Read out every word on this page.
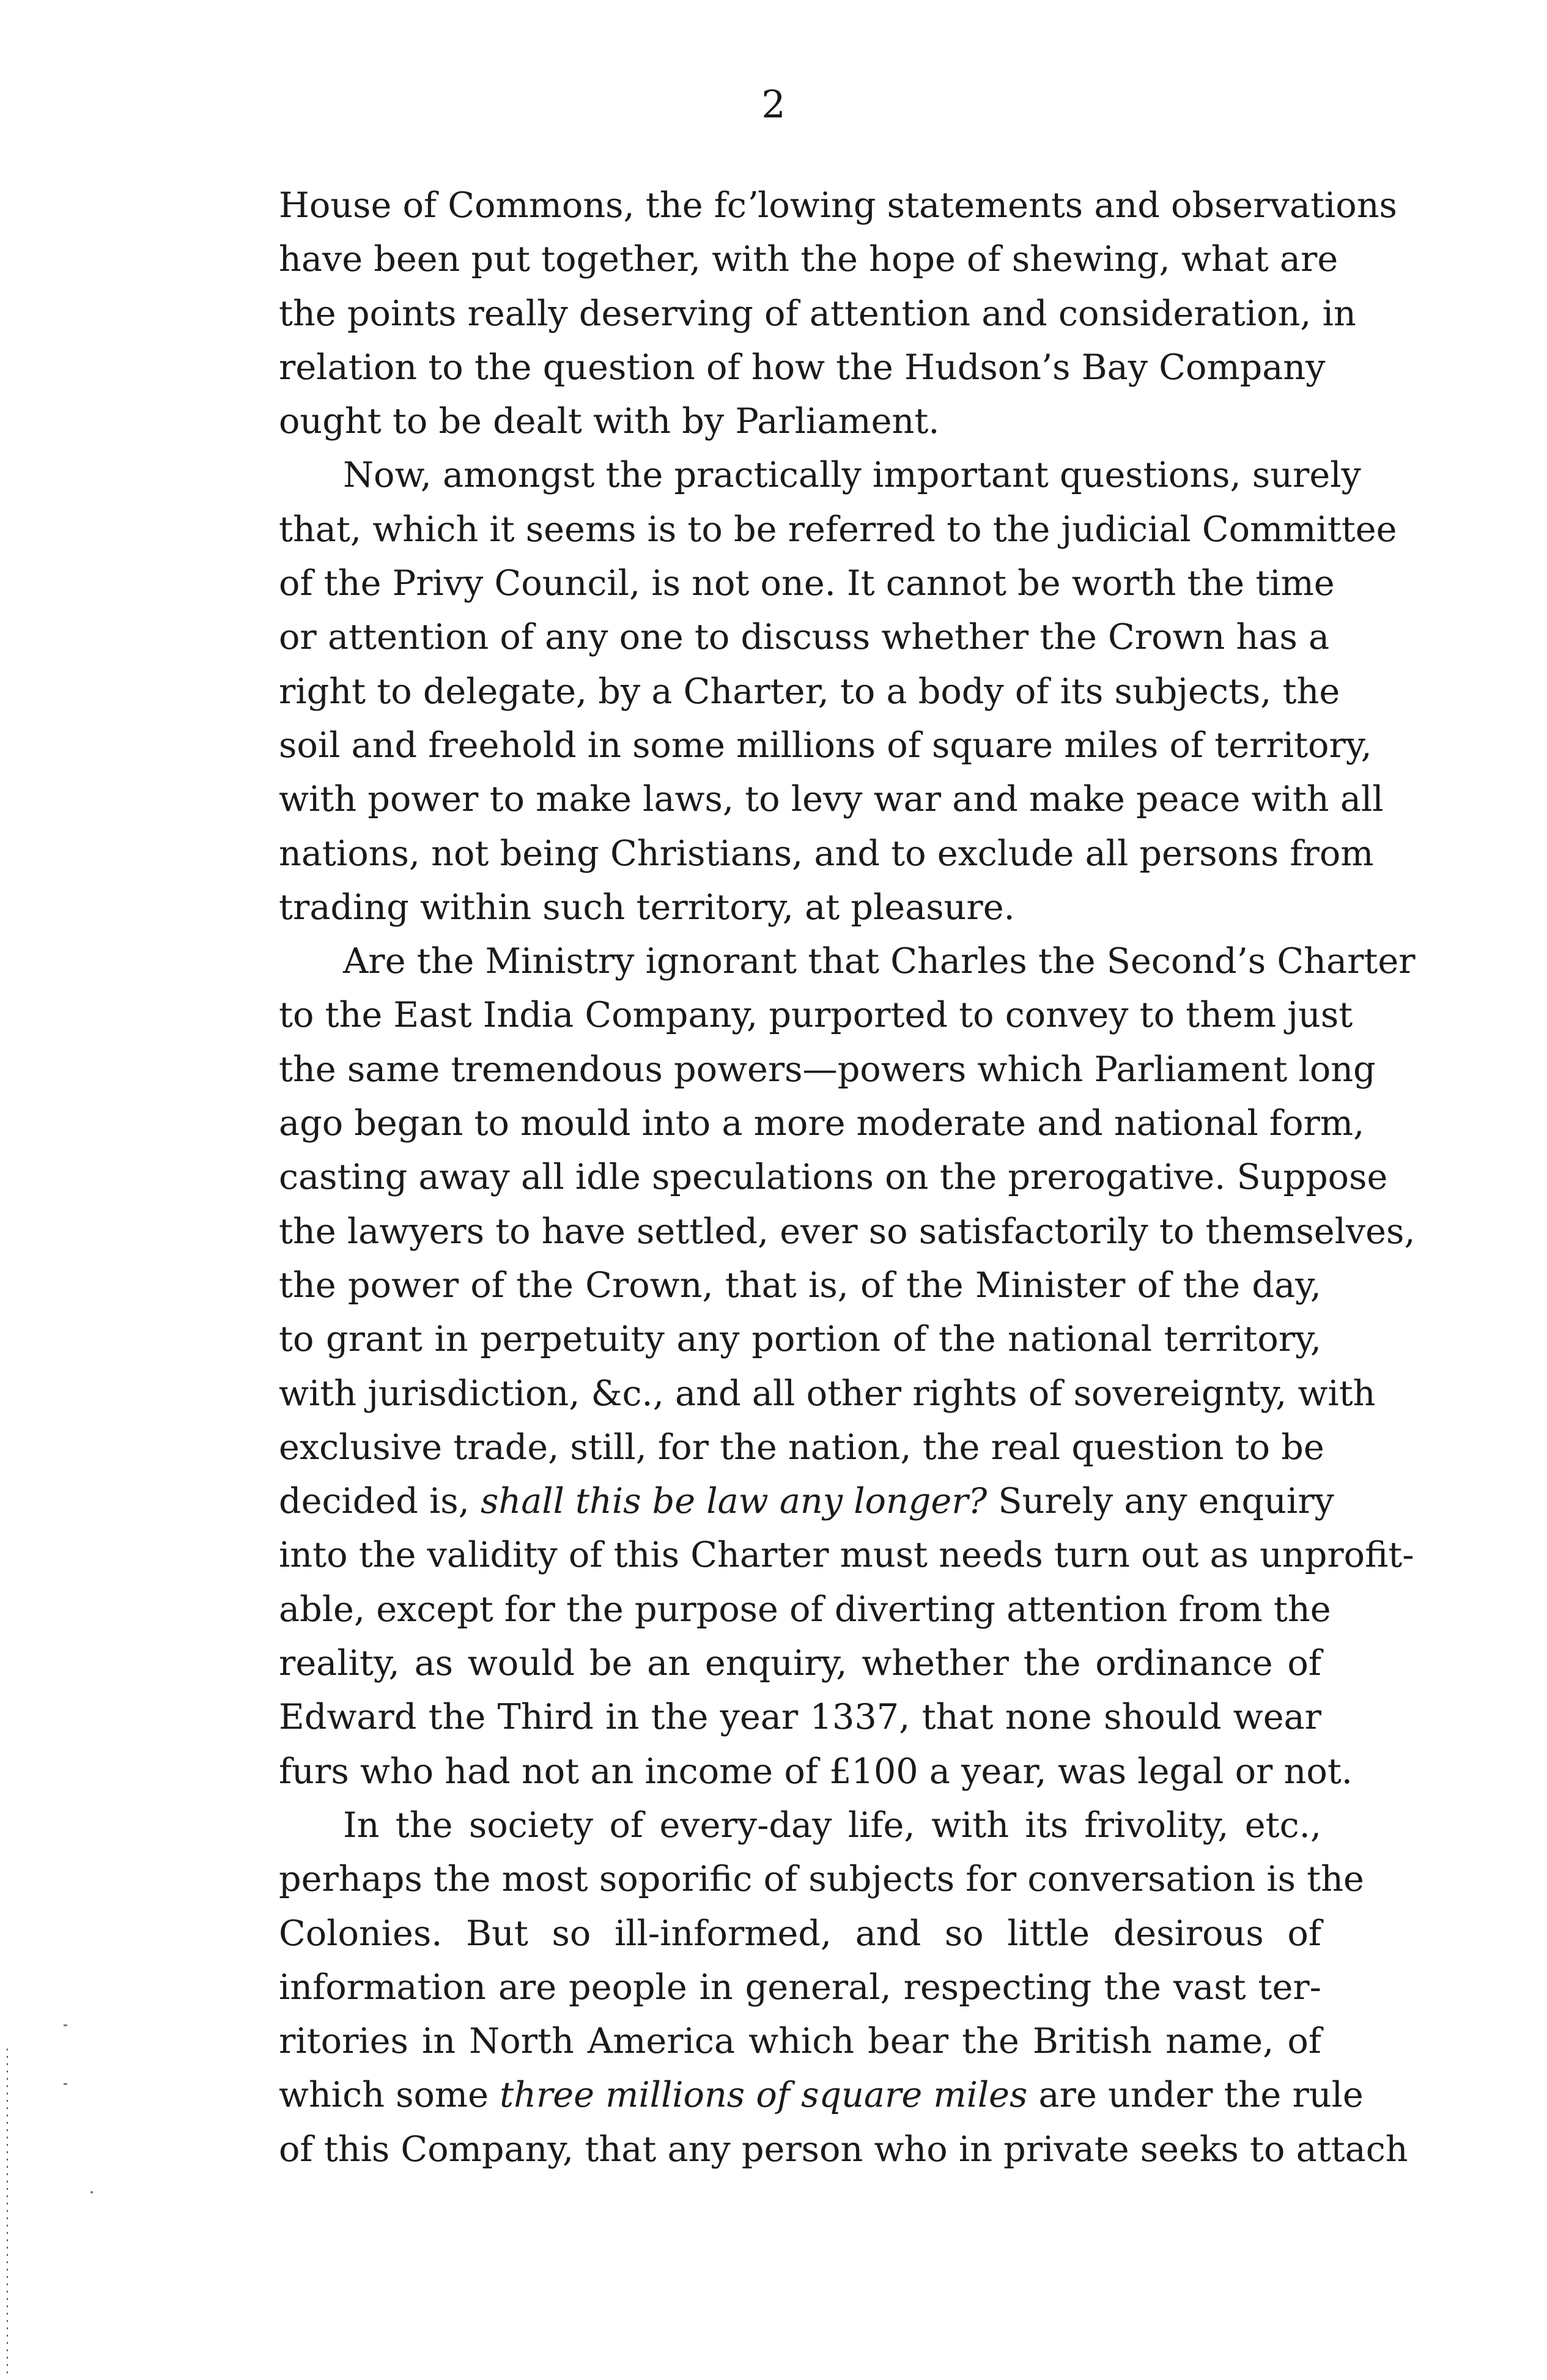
2

House of Commons, the fcʼlowing statements and observations
have been put together, with the hope of shewing, what are
the points really deserving of attention and consideration, in
relation to the question of how the Hudson’s Bay Company
ought to be dealt with by Parliament.

Now, amongst the practically important questions, surely
that, which it seems is to be referred to the judicial Committee
of the Privy Council, is not one. It cannot be worth the time
or attention of any one to discuss whether the Crown has a
right to delegate, by a Charter, to a body of its subjects, the
soil and freehold in some millions of square miles of territory,
with power to make laws, to levy war and make peace with all
nations, not being Christians, and to exclude all persons from
trading within such territory, at pleasure.

Are the Ministry ignorant that Charles the Second’s Charter
to the East India Company, purported to convey to them just
the same tremendous powers—powers which Parliament long
ago began to mould into a more moderate and national form,
casting away all idle speculations on the prerogative. Suppose
the lawyers to have settled, ever so satisfactorily to themselves,
the power of the Crown, that is, of the Minister of the day,
to grant in perpetuity any portion of the national territory,
with jurisdiction, &c., and all other rights of sovereignty, with
exclusive trade, still, for the nation, the real question to be
decided is, shall this be law any longer? Surely any enquiry
into the validity of this Charter must needs turn out as unprofit-
able, except for the purpose of diverting attention from the
reality, as would be an enquiry, whether the ordinance of
Edward the Third in the year 1337, that none should wear
furs who had not an income of £100 a year, was legal or not.

In the society of every-day life, with its frivolity, etc.,
perhaps the most soporific of subjects for conversation is the
Colonies. But so ill-informed, and so little desirous of
information are people in general, respecting the vast ter-
ritories in North America which bear the British name, of
which some three millions of square miles are under the rule
of this Company, that any person who in private seeks to attach
